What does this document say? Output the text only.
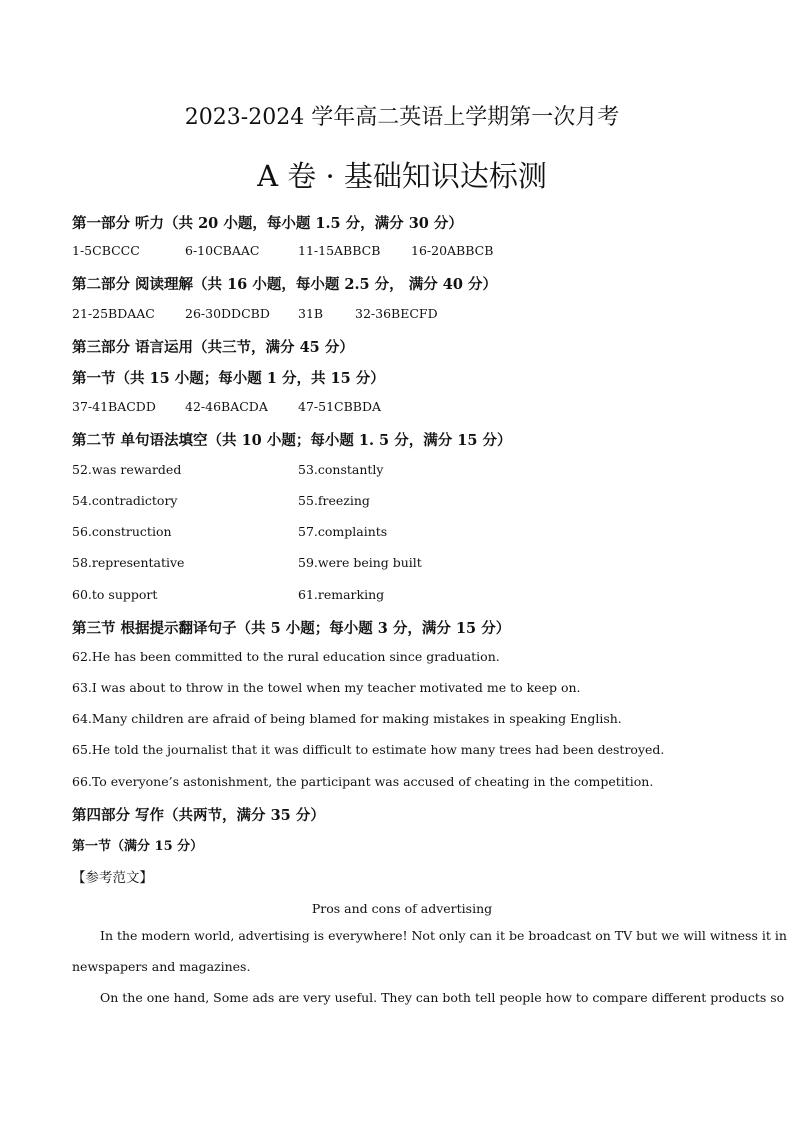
2023-2024 学年高二英语上学期第一次月考
A 卷 · 基础知识达标测
第一部分 听力（共 20 小题，每小题 1.5 分，满分 30 分）
1-5CBCCC	6-10CBAAC	11-15ABBCB 16-20ABBCB
第二部分 阅读理解（共 16 小题，每小题 2.5 分， 满分 40 分）
21-25BDAAC 26-30DDCBD 31B	32-36BECFD
第三部分 语言运用（共三节，满分 45 分）
第一节（共 15 小题；每小题 1 分，共 15 分）
37-41BACDD 42-46BACDA 47-51CBBDA
第二节 单句语法填空（共 10 小题；每小题 1. 5 分，满分 15 分）
52.was rewarded	53.constantly
54.contradictory	55.freezing
56.construction	57.complaints
58.representative	59.were being built
60.to support	61.remarking
第三节 根据提示翻译句子（共 5 小题；每小题 3 分，满分 15 分）
62.He has been committed to the rural education since graduation.
63.I was about to throw in the towel when my teacher motivated me to keep on.
64.Many children are afraid of being blamed for making mistakes in speaking English.
65.He told the journalist that it was difficult to estimate how many trees had been destroyed.
66.To everyone’s astonishment, the participant was accused of cheating in the competition.
第四部分 写作（共两节，满分 35 分）
第一节（满分 15 分）
【参考范文】
Pros and cons of advertising
In the modern world, advertising is everywhere! Not only can it be broadcast on TV but we will witness it in
newspapers and magazines.
On the one hand, Some ads are very useful. They can both tell people how to compare different products so
